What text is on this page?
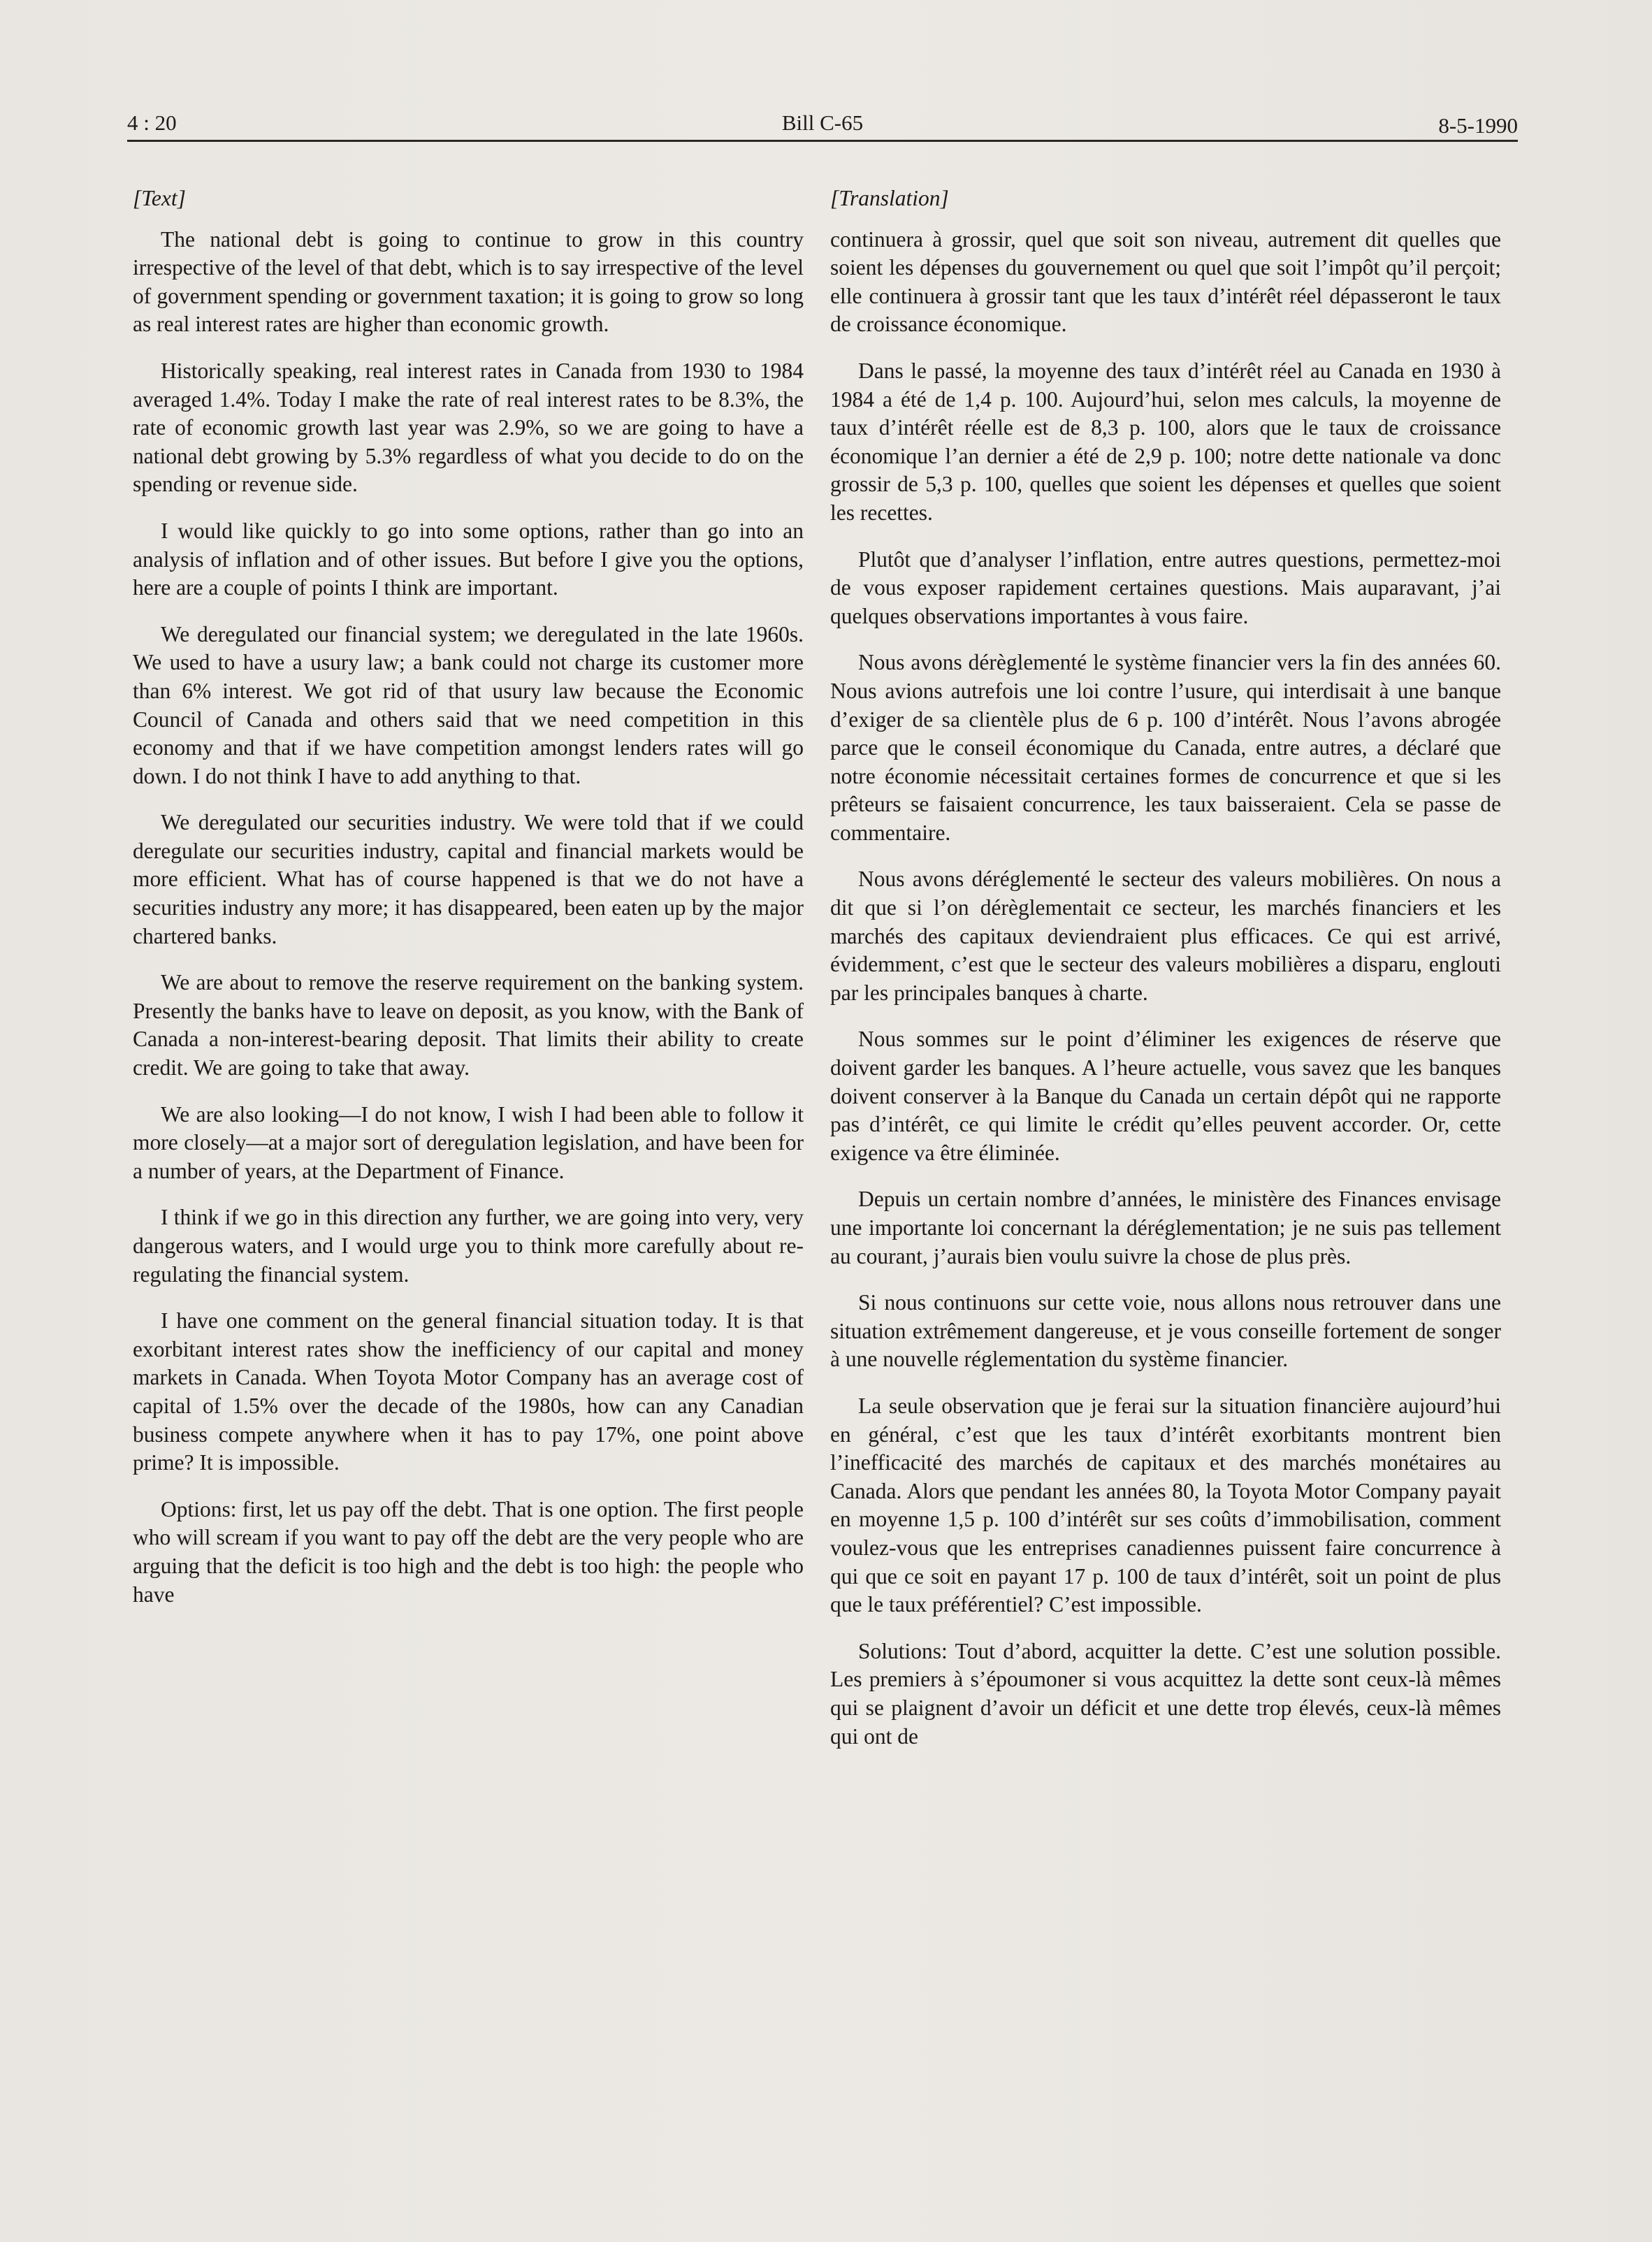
4 : 20	Bill C-65	8-5-1990
[Text]

The national debt is going to continue to grow in this country irrespective of the level of that debt, which is to say irrespective of the level of government spending or government taxation; it is going to grow so long as real interest rates are higher than economic growth.

Historically speaking, real interest rates in Canada from 1930 to 1984 averaged 1.4%. Today I make the rate of real interest rates to be 8.3%, the rate of economic growth last year was 2.9%, so we are going to have a national debt growing by 5.3% regardless of what you decide to do on the spending or revenue side.

I would like quickly to go into some options, rather than go into an analysis of inflation and of other issues. But before I give you the options, here are a couple of points I think are important.

We deregulated our financial system; we deregulated in the late 1960s. We used to have a usury law; a bank could not charge its customer more than 6% interest. We got rid of that usury law because the Economic Council of Canada and others said that we need competition in this economy and that if we have competition amongst lenders rates will go down. I do not think I have to add anything to that.

We deregulated our securities industry. We were told that if we could deregulate our securities industry, capital and financial markets would be more efficient. What has of course happened is that we do not have a securities industry any more; it has disappeared, been eaten up by the major chartered banks.

We are about to remove the reserve requirement on the banking system. Presently the banks have to leave on deposit, as you know, with the Bank of Canada a non-interest-bearing deposit. That limits their ability to create credit. We are going to take that away.

We are also looking—I do not know, I wish I had been able to follow it more closely—at a major sort of deregulation legislation, and have been for a number of years, at the Department of Finance.

I think if we go in this direction any further, we are going into very, very dangerous waters, and I would urge you to think more carefully about re-regulating the financial system.

I have one comment on the general financial situation today. It is that exorbitant interest rates show the inefficiency of our capital and money markets in Canada. When Toyota Motor Company has an average cost of capital of 1.5% over the decade of the 1980s, how can any Canadian business compete anywhere when it has to pay 17%, one point above prime? It is impossible.

Options: first, let us pay off the debt. That is one option. The first people who will scream if you want to pay off the debt are the very people who are arguing that the deficit is too high and the debt is too high: the people who have

[Translation]

continuera à grossir, quel que soit son niveau, autrement dit quelles que soient les dépenses du gouvernement ou quel que soit l’impôt qu’il perçoit; elle continuera à grossir tant que les taux d’intérêt réel dépasseront le taux de croissance économique.

Dans le passé, la moyenne des taux d’intérêt réel au Canada en 1930 à 1984 a été de 1,4 p. 100. Aujourd’hui, selon mes calculs, la moyenne de taux d’intérêt réelle est de 8,3 p. 100, alors que le taux de croissance économique l’an dernier a été de 2,9 p. 100; notre dette nationale va donc grossir de 5,3 p. 100, quelles que soient les dépenses et quelles que soient les recettes.

Plutôt que d’analyser l’inflation, entre autres questions, permettez-moi de vous exposer rapidement certaines questions. Mais auparavant, j’ai quelques observations importantes à vous faire.

Nous avons dérèglementé le système financier vers la fin des années 60. Nous avions autrefois une loi contre l’usure, qui interdisait à une banque d’exiger de sa clientèle plus de 6 p. 100 d’intérêt. Nous l’avons abrogée parce que le conseil économique du Canada, entre autres, a déclaré que notre économie nécessitait certaines formes de concurrence et que si les prêteurs se faisaient concurrence, les taux baisseraient. Cela se passe de commentaire.

Nous avons déréglementé le secteur des valeurs mobilières. On nous a dit que si l’on dérèglementait ce secteur, les marchés financiers et les marchés des capitaux deviendraient plus efficaces. Ce qui est arrivé, évidemment, c’est que le secteur des valeurs mobilières a disparu, englouti par les principales banques à charte.

Nous sommes sur le point d’éliminer les exigences de réserve que doivent garder les banques. A l’heure actuelle, vous savez que les banques doivent conserver à la Banque du Canada un certain dépôt qui ne rapporte pas d’intérêt, ce qui limite le crédit qu’elles peuvent accorder. Or, cette exigence va être éliminée.

Depuis un certain nombre d’années, le ministère des Finances envisage une importante loi concernant la déréglementation; je ne suis pas tellement au courant, j’aurais bien voulu suivre la chose de plus près.

Si nous continuons sur cette voie, nous allons nous retrouver dans une situation extrêmement dangereuse, et je vous conseille fortement de songer à une nouvelle réglementation du système financier.

La seule observation que je ferai sur la situation financière aujourd’hui en général, c’est que les taux d’intérêt exorbitants montrent bien l’inefficacité des marchés de capitaux et des marchés monétaires au Canada. Alors que pendant les années 80, la Toyota Motor Company payait en moyenne 1,5 p. 100 d’intérêt sur ses coûts d’immobilisation, comment voulez-vous que les entreprises canadiennes puissent faire concurrence à qui que ce soit en payant 17 p. 100 de taux d’intérêt, soit un point de plus que le taux préférentiel? C’est impossible.

Solutions: Tout d’abord, acquitter la dette. C’est une solution possible. Les premiers à s’époumoner si vous acquittez la dette sont ceux-là mêmes qui se plaignent d’avoir un déficit et une dette trop élevés, ceux-là mêmes qui ont de
